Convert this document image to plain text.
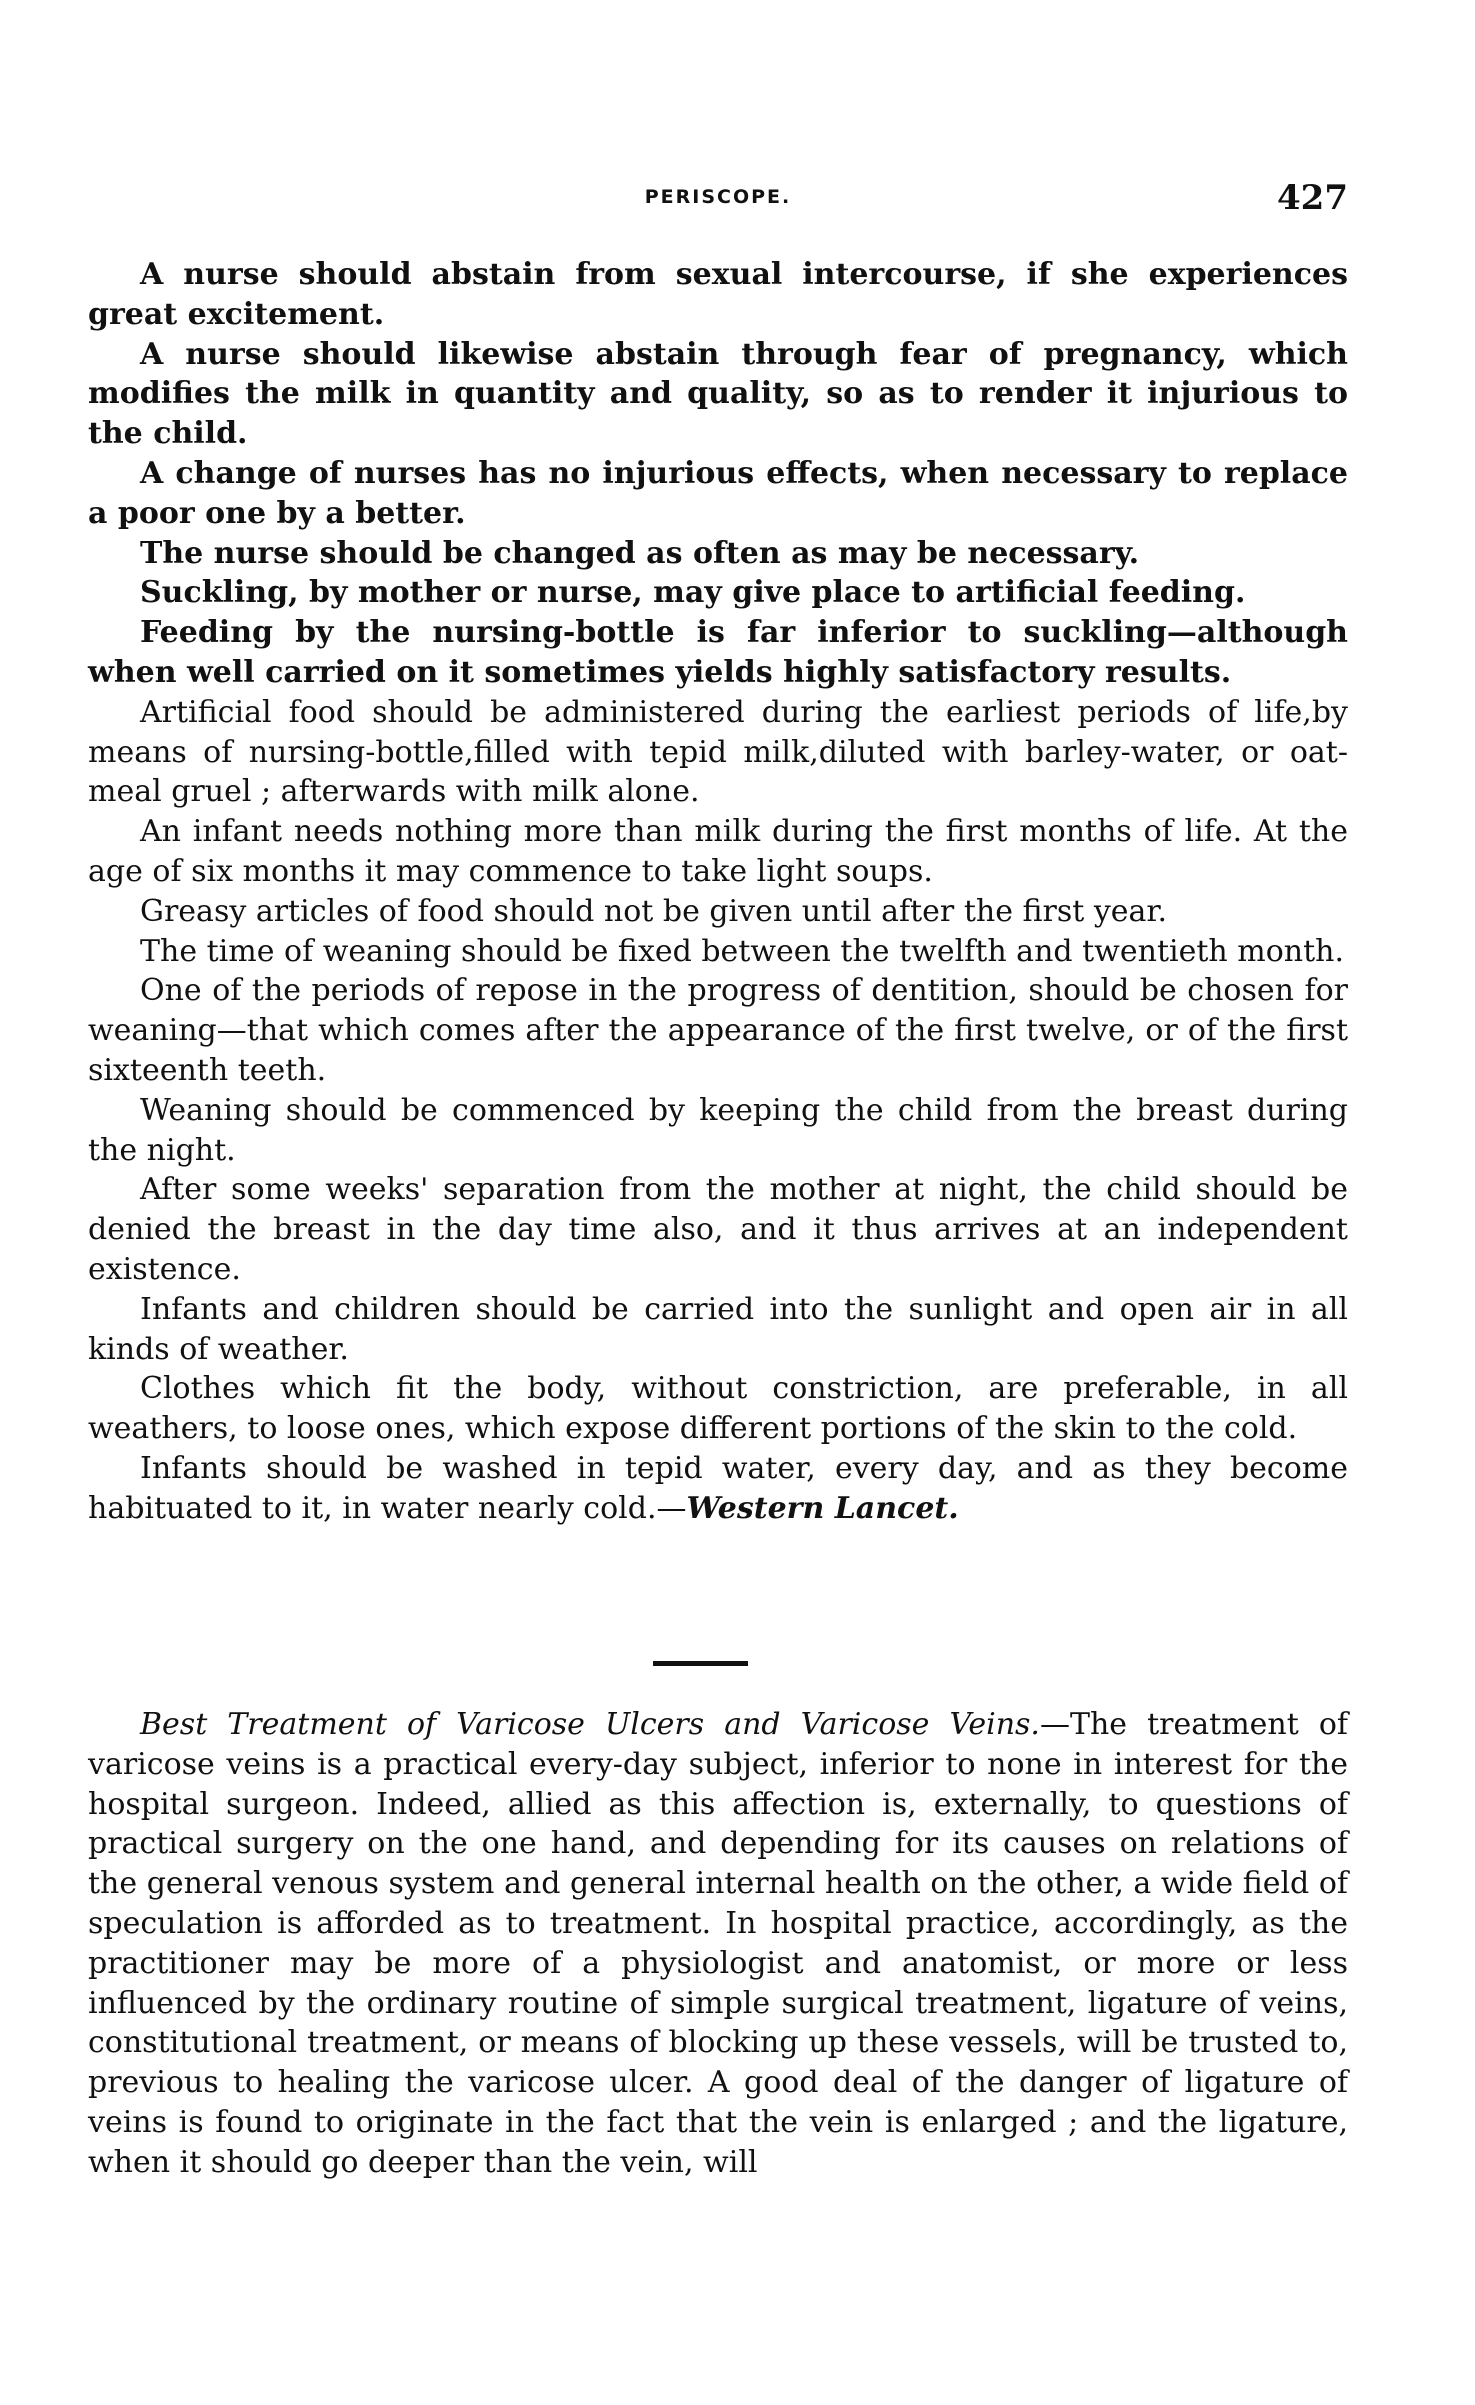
PERISCOPE.	427

A nurse should abstain from sexual intercourse, if she experiences great excitement.

A nurse should likewise abstain through fear of pregnancy, which modifies the milk in quantity and quality, so as to render it injurious to the child.

A change of nurses has no injurious effects, when necessary to replace a poor one by a better.

The nurse should be changed as often as may be necessary.

Suckling, by mother or nurse, may give place to artificial feeding.

Feeding by the nursing-bottle is far inferior to suckling—although when well carried on it sometimes yields highly satisfactory results.

Artificial food should be administered during the earliest periods of life,by means of nursing-bottle,filled with tepid milk,diluted with barley-water, or oat-meal gruel ; afterwards with milk alone.

An infant needs nothing more than milk during the first months of life. At the age of six months it may commence to take light soups.

Greasy articles of food should not be given until after the first year.

The time of weaning should be fixed between the twelfth and twentieth month.

One of the periods of repose in the progress of dentition, should be chosen for weaning—that which comes after the appearance of the first twelve, or of the first sixteenth teeth.

Weaning should be commenced by keeping the child from the breast during the night.

After some weeks' separation from the mother at night, the child should be denied the breast in the day time also, and it thus arrives at an independent existence.

Infants and children should be carried into the sunlight and open air in all kinds of weather.

Clothes which fit the body, without constriction, are preferable, in all weathers, to loose ones, which expose different portions of the skin to the cold.

Infants should be washed in tepid water, every day, and as they become habituated to it, in water nearly cold.—Western Lancet.

Best Treatment of Varicose Ulcers and Varicose Veins.—The treatment of varicose veins is a practical every-day subject, inferior to none in interest for the hospital surgeon. Indeed, allied as this affection is, externally, to questions of practical surgery on the one hand, and depending for its causes on relations of the general venous system and general internal health on the other, a wide field of speculation is afforded as to treatment. In hospital practice, accordingly, as the practitioner may be more of a physiologist and anatomist, or more or less influenced by the ordinary routine of simple surgical treatment, ligature of veins, constitutional treatment, or means of blocking up these vessels, will be trusted to, previous to healing the varicose ulcer. A good deal of the danger of ligature of veins is found to originate in the fact that the vein is enlarged ; and the ligature, when it should go deeper than the vein, will
